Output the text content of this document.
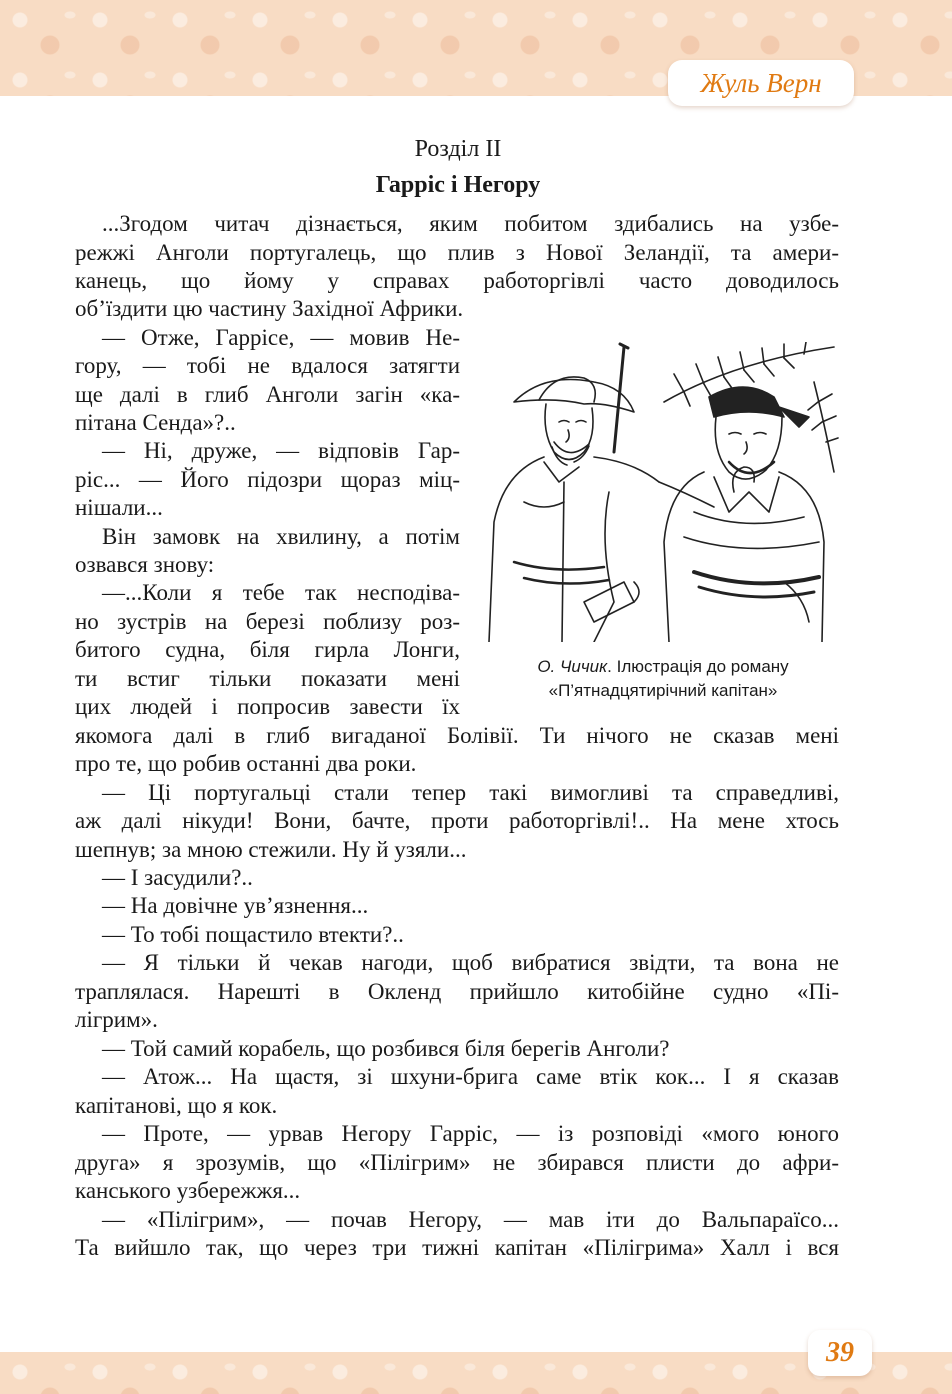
Жуль Верн
Розділ II
Гарріс і Негору
...Згодом читач дізнається, яким побитом здибались на узбе-
режжі Анголи португалець, що плив з Нової Зеландії, та амери-
канець, що йому у справах работоргівлі часто доводилось
об’їздити цю частину Західної Африки.
— Отже, Гаррісе, — мовив Не-
гору, — тобі не вдалося затягти
ще далі в глиб Анголи загін «ка-
пітана Сенда»?..
— Ні, друже, — відповів Гар-
ріс... — Його підозри щораз міц-
нішали...
Він замовк на хвилину, а потім
озвався знову:
—...Коли я тебе так несподіва-
но зустрів на березі поблизу роз-
битого судна, біля гирла Лонги,
ти встиг тільки показати мені
цих людей і попросив завести їх
якомога далі в глиб вигаданої Болівії. Ти нічого не сказав мені
про те, що робив останні два роки.
— Ці португальці стали тепер такі вимогливі та справедливі,
аж далі нікуди! Вони, бачте, проти работоргівлі!.. На мене хтось
шепнув; за мною стежили. Ну й узяли...
— І засудили?..
— На довічне ув’язнення...
— То тобі пощастило втекти?..
— Я тільки й чекав нагоди, щоб вибратися звідти, та вона не
траплялася. Нарешті в Окленд прийшло китобійне судно «Пі-
лігрим».
— Той самий корабель, що розбився біля берегів Анголи?
— Атож... На щастя, зі шхуни-брига саме втік кок... І я сказав
капітанові, що я кок.
— Проте, — урвав Негору Гарріс, — із розповіді «мого юного
друга» я зрозумів, що «Пілігрим» не збирався плисти до афри-
канського узбережжя...
— «Пілігрим», — почав Негору, — мав іти до Вальпараїсо...
Та вийшло так, що через три тижні капітан «Пілігрима» Халл і вся
О. Чичик. Ілюстрація до роману
«П’ятнадцятирічний капітан»
39
